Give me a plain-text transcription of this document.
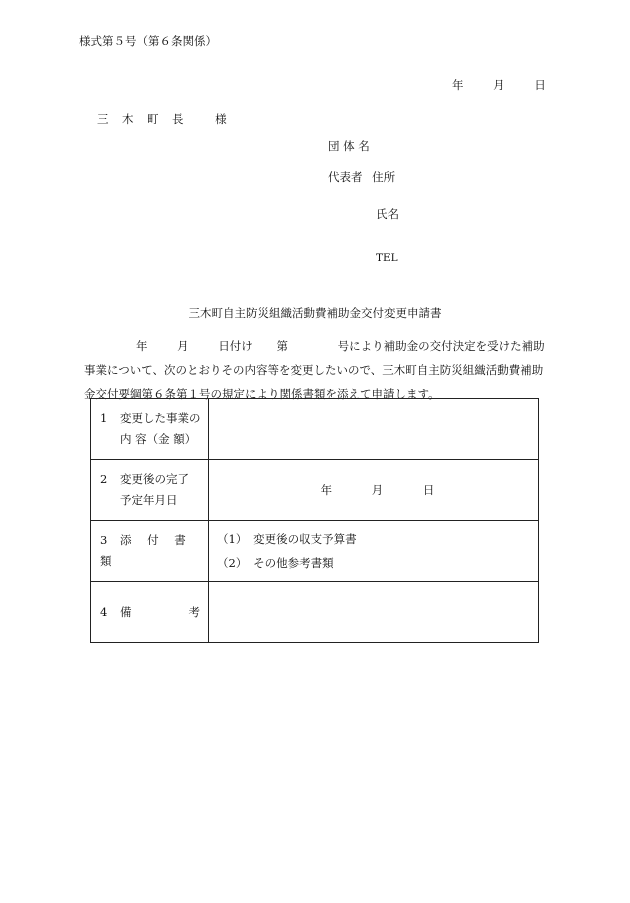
様式第５号（第６条関係）
年	月	日
三　木　町　長	様
団 体 名
代表者 住所
氏名
TEL
三木町自主防災組織活動費補助金交付変更申請書
年	月	日付け 第	号により補助金の交付決定を受けた補助
事業について、次のとおりその内容等を変更したいので、三木町自主防災組織活動費補助
金交付要綱第６条第１号の規定により関係書類を添えて申請します。
1 変更した事業の
内 容（金 額）	

2 変更後の完了
予定年月日	年 月 日
3 添 付 書 類	（1）　変更後の収支予算書
（2）　その他参考書類

4 備 考	
